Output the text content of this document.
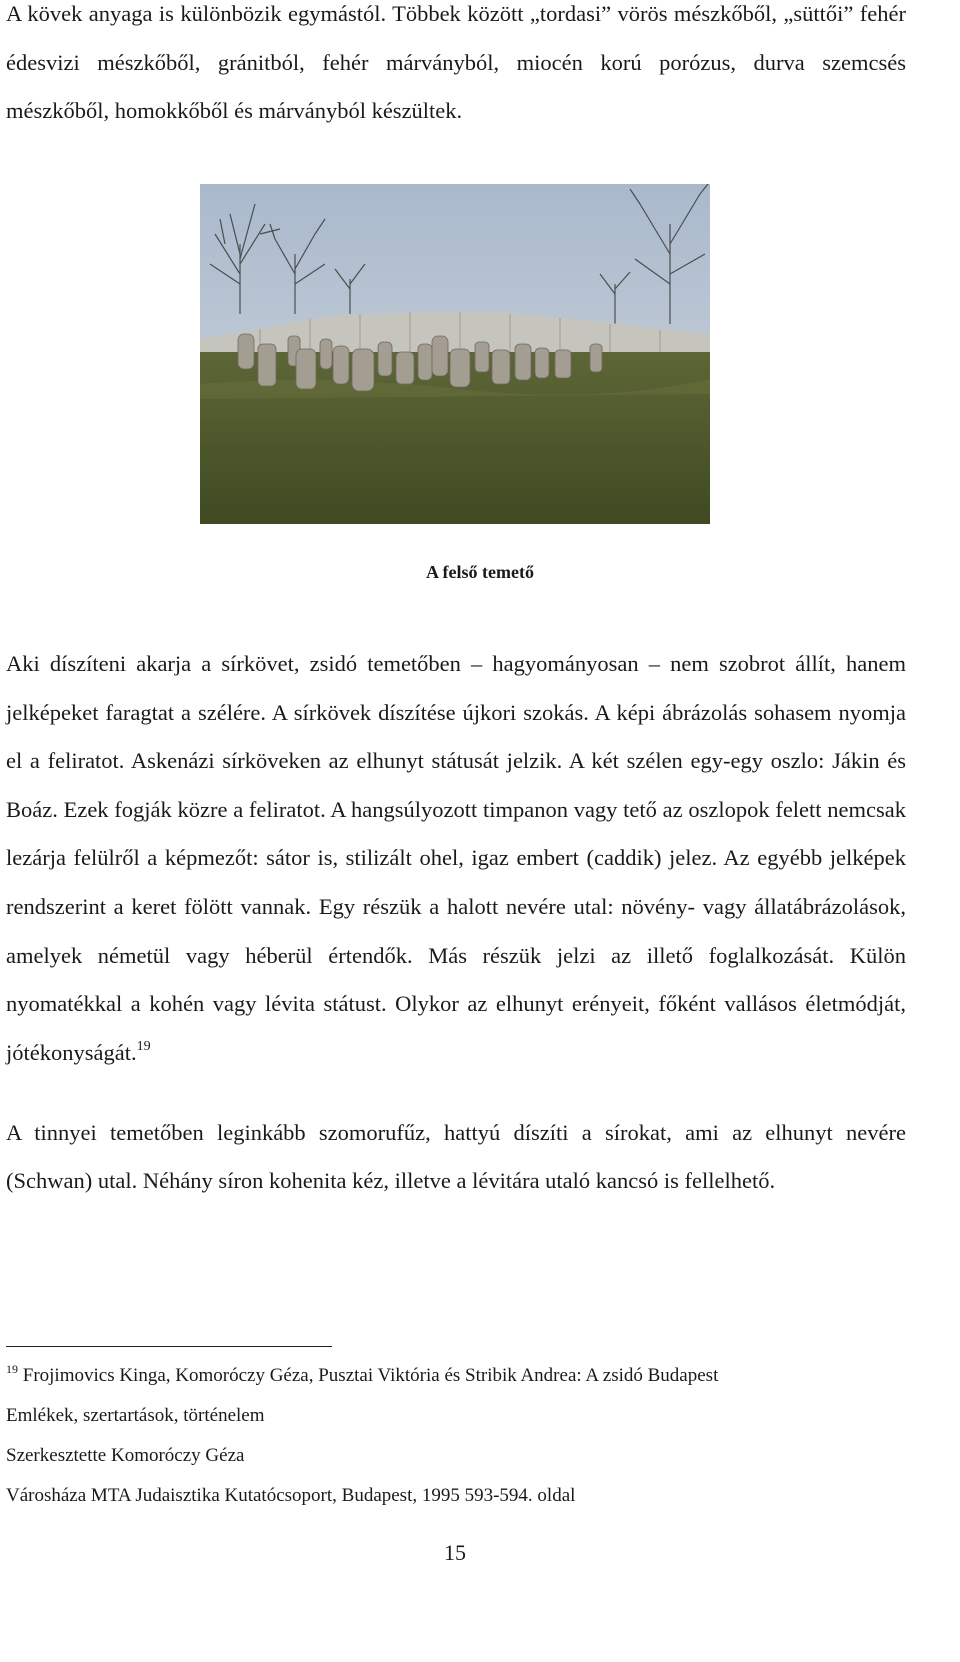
A kövek anyaga is különbözik egymástól. Többek között „tordasi” vörös mészkőből, „süttői” fehér édesvizi mészkőből, gránitból, fehér márványból, miocén korú porózus, durva szemcsés mészkőből, homokkőből és márványból készültek.

A felső temető

Aki díszíteni akarja a sírkövet, zsidó temetőben – hagyományosan – nem szobrot állít, hanem jelképeket faragtat a szélére. A sírkövek díszítése újkori szokás. A képi ábrázolás sohasem nyomja el a feliratot. Askenázi sírköveken az elhunyt státusát jelzik. A két szélen egy-egy oszlo: Jákin és Boáz. Ezek fogják közre a feliratot. A hangsúlyozott timpanon vagy tető az oszlopok felett nemcsak lezárja felülről a képmezőt: sátor is, stilizált ohel, igaz embert (caddik) jelez. Az egyébb jelképek rendszerint a keret fölött vannak. Egy részük a halott nevére utal: növény- vagy állatábrázolások, amelyek németül vagy héberül értendők. Más részük jelzi az illető foglalkozását. Külön nyomatékkal a kohén vagy lévita státust. Olykor az elhunyt erényeit, főként vallásos életmódját, jótékonyságát.$^{19}$

A tinnyei temetőben leginkább szomorufűz, hattyú díszíti a sírokat, ami az elhunyt nevére (Schwan) utal. Néhány síron kohenita kéz, illetve a lévitára utaló kancsó is fellelhető.

$^{19}$ Frojimovics Kinga, Komoróczy Géza, Pusztai Viktória és Stribik Andrea: A zsidó Budapest
Emlékek, szertartások, történelem
Szerkesztette Komoróczy Géza
Városháza MTA Judaisztika Kutatócsoport, Budapest, 1995 593-594. oldal
15
